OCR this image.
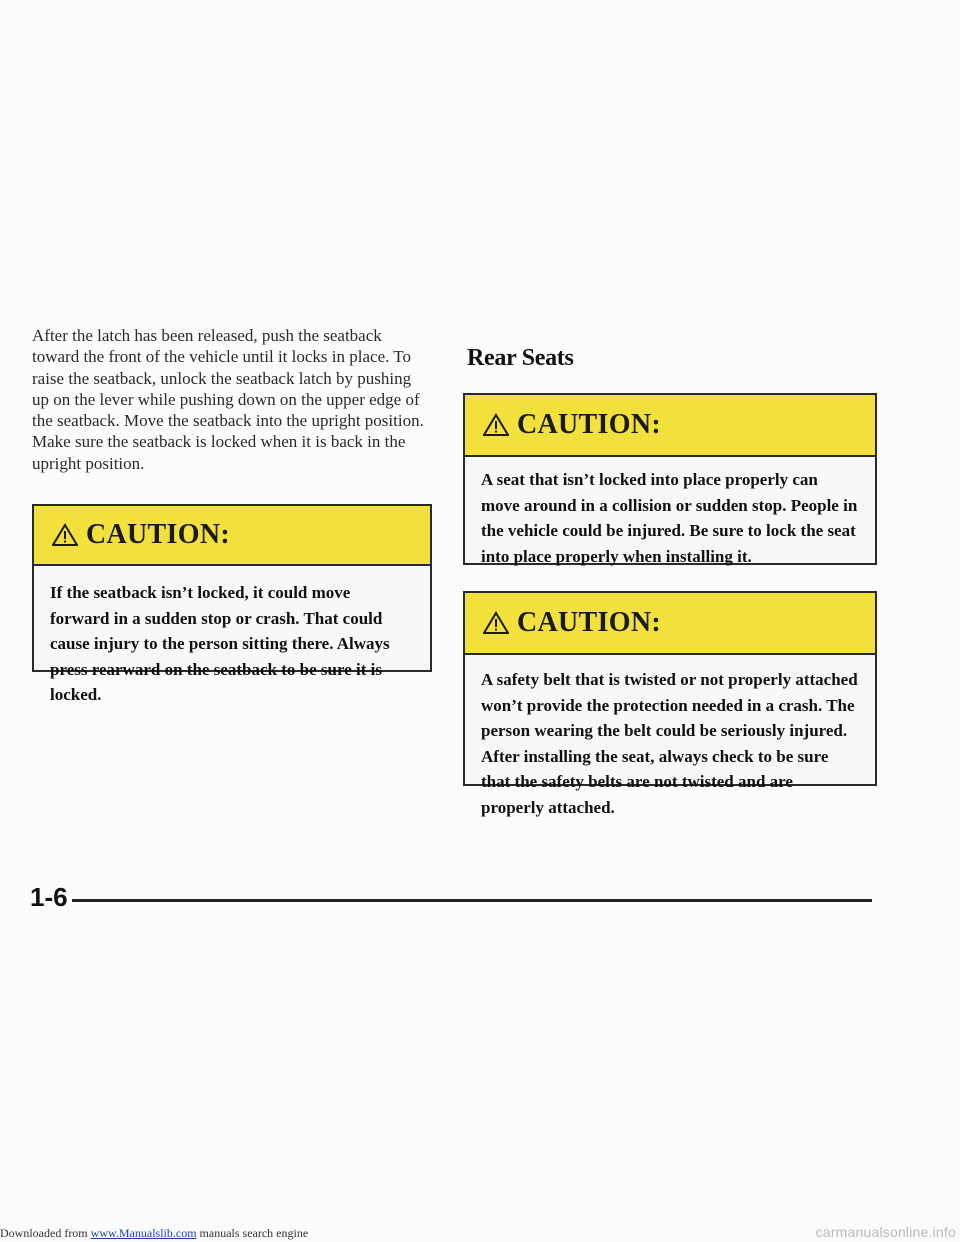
After the latch has been released, push the seatback toward the front of the vehicle until it locks in place. To raise the seatback, unlock the seatback latch by pushing up on the lever while pushing down on the upper edge of the seatback. Move the seatback into the upright position. Make sure the seatback is locked when it is back in the upright position.
Rear Seats
CAUTION:
If the seatback isn’t locked, it could move forward in a sudden stop or crash. That could cause injury to the person sitting there. Always press rearward on the seatback to be sure it is locked.
CAUTION:
A seat that isn’t locked into place properly can move around in a collision or sudden stop. People in the vehicle could be injured. Be sure to lock the seat into place properly when installing it.
CAUTION:
A safety belt that is twisted or not properly attached won’t provide the protection needed in a crash. The person wearing the belt could be seriously injured. After installing the seat, always check to be sure that the safety belts are not twisted and are properly attached.
1-6
Downloaded from www.Manualslib.com manuals search engine	carmanualsonline.info
